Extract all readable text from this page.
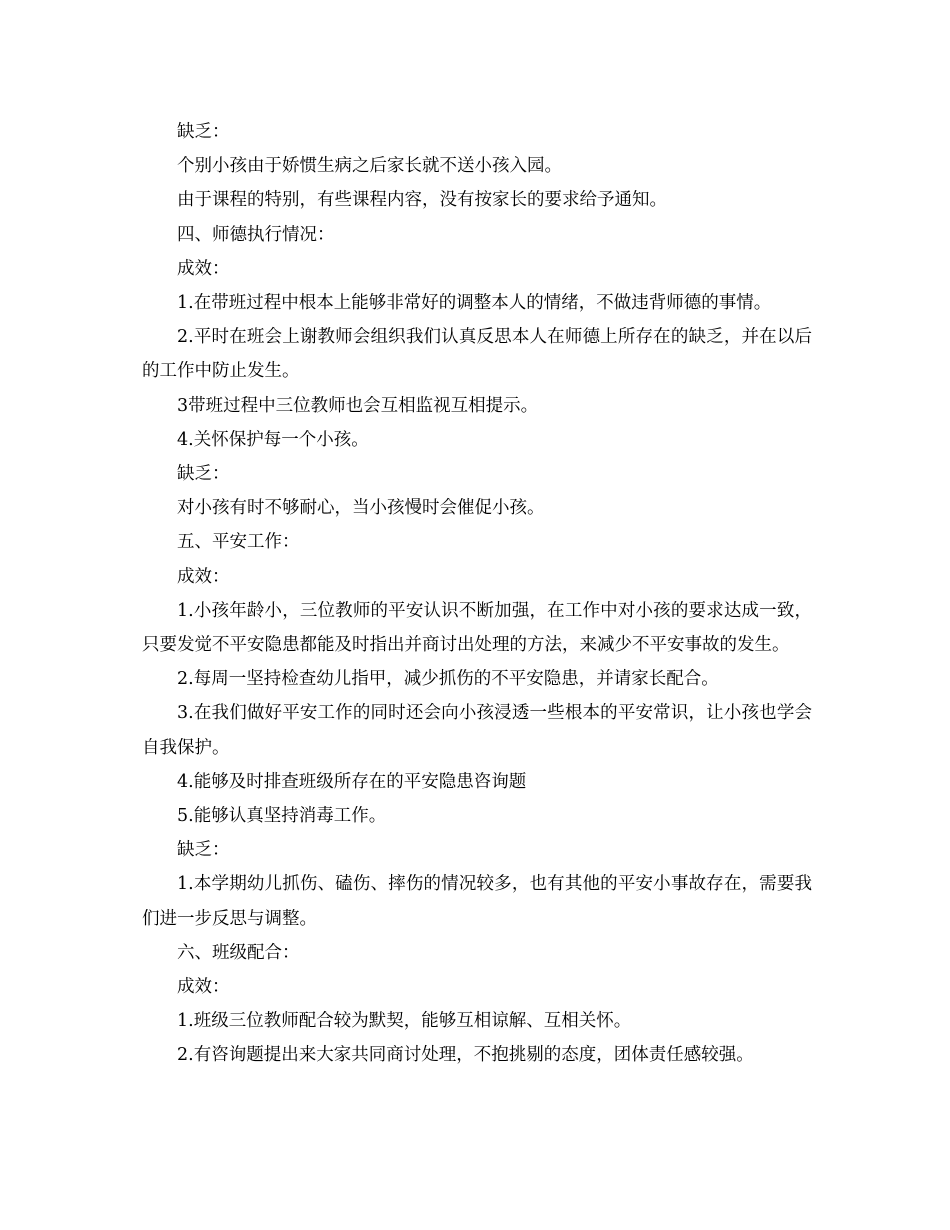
缺乏：

个别小孩由于娇惯生病之后家长就不送小孩入园。

由于课程的特别，有些课程内容，没有按家长的要求给予通知。

四、师德执行情况：

成效：

1.在带班过程中根本上能够非常好的调整本人的情绪，不做违背师德的事情。

2.平时在班会上谢教师会组织我们认真反思本人在师德上所存在的缺乏，并在以后的工作中防止发生。

3带班过程中三位教师也会互相监视互相提示。

4.关怀保护每一个小孩。

缺乏：

对小孩有时不够耐心，当小孩慢时会催促小孩。

五、平安工作：

成效：

1.小孩年龄小，三位教师的平安认识不断加强，在工作中对小孩的要求达成一致，只要发觉不平安隐患都能及时指出并商讨出处理的方法，来减少不平安事故的发生。

2.每周一坚持检查幼儿指甲，减少抓伤的不平安隐患，并请家长配合。

3.在我们做好平安工作的同时还会向小孩浸透一些根本的平安常识，让小孩也学会自我保护。

4.能够及时排查班级所存在的平安隐患咨询题

5.能够认真坚持消毒工作。

缺乏：

1.本学期幼儿抓伤、磕伤、摔伤的情况较多，也有其他的平安小事故存在，需要我们进一步反思与调整。

六、班级配合：

成效：

1.班级三位教师配合较为默契，能够互相谅解、互相关怀。

2.有咨询题提出来大家共同商讨处理，不抱挑剔的态度，团体责任感较强。
